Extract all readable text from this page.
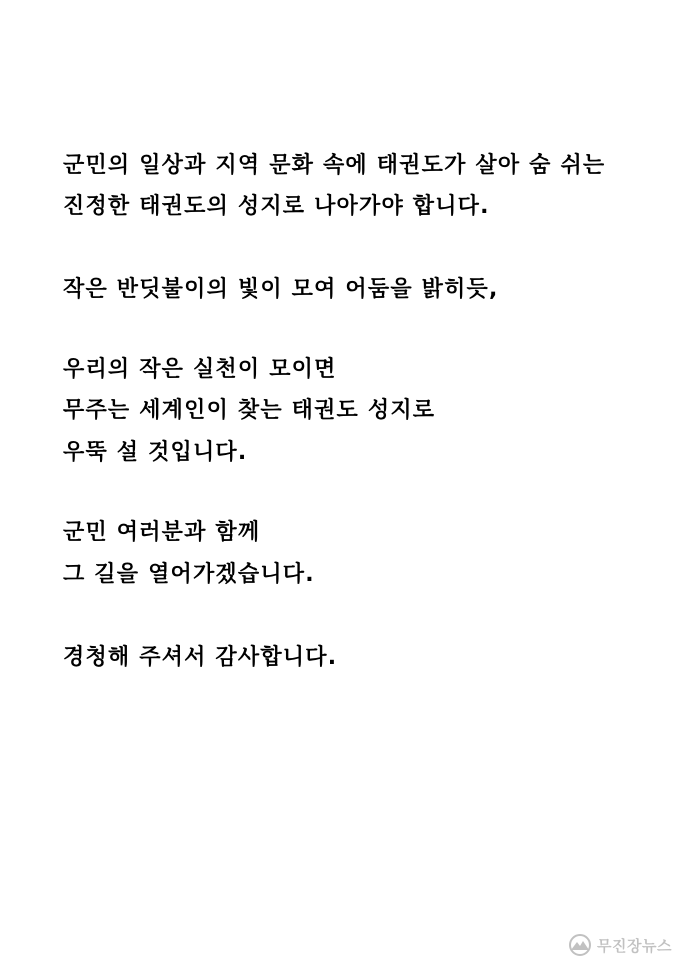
군민의 일상과 지역 문화 속에 태권도가 살아 숨 쉬는
진정한 태권도의 성지로 나아가야 합니다.
작은 반딧불이의 빛이 모여 어둠을 밝히듯,
우리의 작은 실천이 모이면
무주는 세계인이 찾는 태권도 성지로
우뚝 설 것입니다.
군민 여러분과 함께
그 길을 열어가겠습니다.
경청해 주셔서 감사합니다.
무진장뉴스
